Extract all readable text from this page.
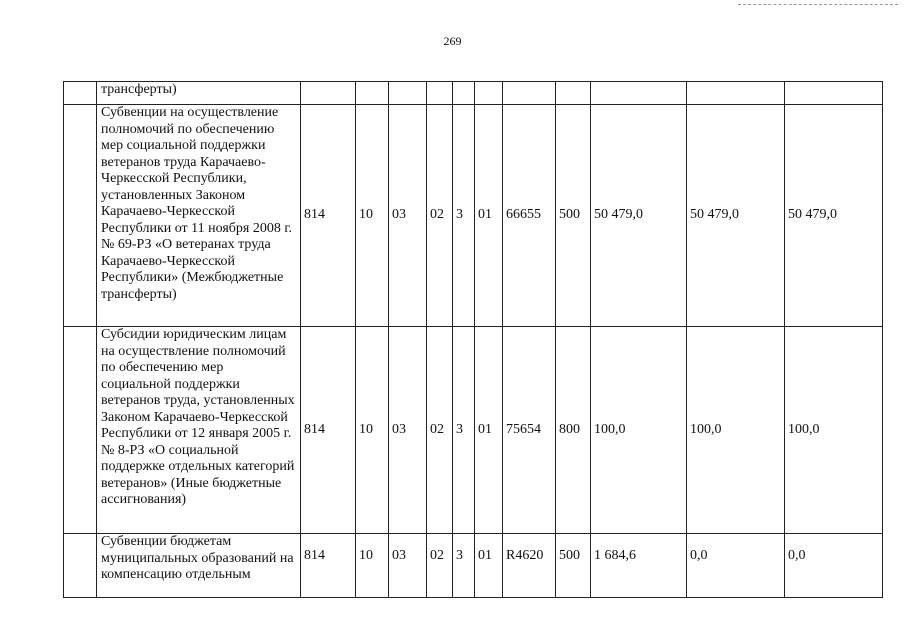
269
	трансферты)											
	Субвенции на осуществление полномочий по обеспечению мер социальной поддержки ветеранов труда Карачаево-Черкесской Республики, установленных Законом Карачаево-Черкесской Республики от 11 ноября 2008 г. № 69-РЗ «О ветеранах труда Карачаево-Черкесской Республики» (Межбюджетные трансферты)	814	10	03	02	3	01	66655	500	50 479,0	50 479,0	50 479,0
	Субсидии юридическим лицам на осуществление полномочий по обеспечению мер социальной поддержки ветеранов труда, установленных Законом Карачаево-Черкесской Республики от 12 января 2005 г. № 8-РЗ «О социальной поддержке отдельных категорий ветеранов» (Иные бюджетные ассигнования)	814	10	03	02	3	01	75654	800	100,0	100,0	100,0
	Субвенции бюджетам муниципальных образований на компенсацию отдельным	814	10	03	02	3	01	R4620	500	1 684,6	0,0	0,0
